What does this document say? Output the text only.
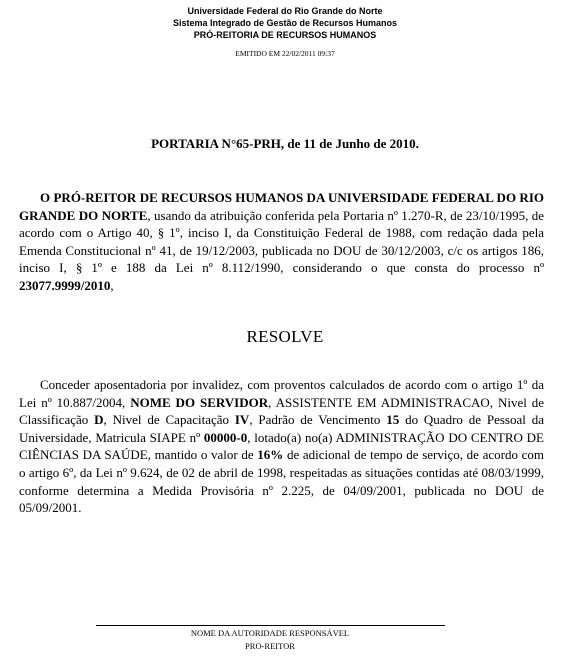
Universidade Federal do Rio Grande do Norte
Sistema Integrado de Gestão de Recursos Humanos
PRÓ-REITORIA DE RECURSOS HUMANOS
EMITIDO EM 22/02/2011 09:37
PORTARIA N°65-PRH, de 11 de Junho de 2010.
O PRÓ-REITOR DE RECURSOS HUMANOS DA UNIVERSIDADE FEDERAL DO RIO GRANDE DO NORTE, usando da atribuição conferida pela Portaria nº 1.270-R, de 23/10/1995, de acordo com o Artigo 40, § 1º, inciso I, da Constituição Federal de 1988, com redação dada pela Emenda Constitucional nº 41, de 19/12/2003, publicada no DOU de 30/12/2003, c/c os artigos 186, inciso I, § 1º e 188 da Lei nº 8.112/1990, considerando o que consta do processo nº 23077.9999/2010,
RESOLVE
Conceder aposentadoria por invalidez, com proventos calculados de acordo com o artigo 1º da Lei nº 10.887/2004, NOME DO SERVIDOR, ASSISTENTE EM ADMINISTRACAO, Nivel de Classificação D, Nivel de Capacitação IV, Padrão de Vencimento 15 do Quadro de Pessoal da Universidade, Matricula SIAPE nº 00000-0, lotado(a) no(a) ADMINISTRAÇÃO DO CENTRO DE CIÊNCIAS DA SAÚDE, mantido o valor de 16% de adicional de tempo de serviço, de acordo com o artigo 6º, da Lei nº 9.624, de 02 de abril de 1998, respeitadas as situações contidas até 08/03/1999, conforme determina a Medida Provisória nº 2.225, de 04/09/2001, publicada no DOU de 05/09/2001.
NOME DA AUTORIDADE RESPONSÁVEL
PRO-REITOR
